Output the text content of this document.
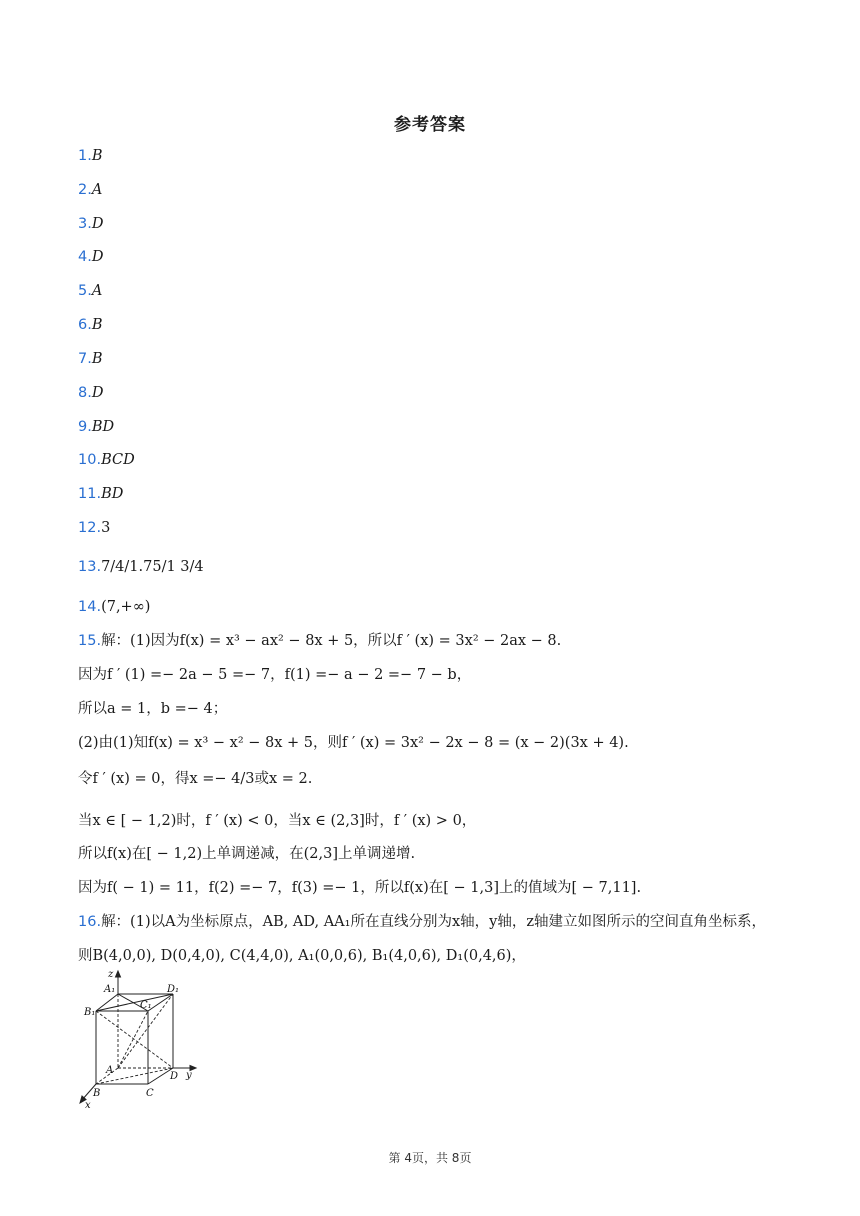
参考答案
1.B
2.A
3.D
4.D
5.A
6.B
7.B
8.D
9.BD
10.BCD
11.BD
12.3
13.7/4/1.75/1 3/4
14.(7,+∞)
15.解：(1)因为f(x) = x³ − ax² − 8x + 5，所以f ′ (x) = 3x² − 2ax − 8.
因为f ′ (1) =− 2a − 5 =− 7，f(1) =− a − 2 =− 7 − b，
所以a = 1，b =− 4；
(2)由(1)知f(x) = x³ − x² − 8x + 5，则f ′ (x) = 3x² − 2x − 8 = (x − 2)(3x + 4).
令f ′ (x) = 0，得x =− 4/3或x = 2.
当x ∈ [ − 1,2)时，f ′ (x) < 0，当x ∈ (2,3]时，f ′ (x) > 0，
所以f(x)在[ − 1,2)上单调递减，在(2,3]上单调递增.
因为f( − 1) = 11，f(2) =− 7，f(3) =− 1，所以f(x)在[ − 1,3]上的值域为[ − 7,11].
16.解：(1)以A为坐标原点，AB, AD, AA₁所在直线分别为x轴，y轴，z轴建立如图所示的空间直角坐标系，
则B(4,0,0), D(0,4,0), C(4,4,0), A₁(0,0,6), B₁(4,0,6), D₁(0,4,6)，
z
y
x
A
B	C
D
A₁
B₁
C₁
D₁
第 4页，共 8页
